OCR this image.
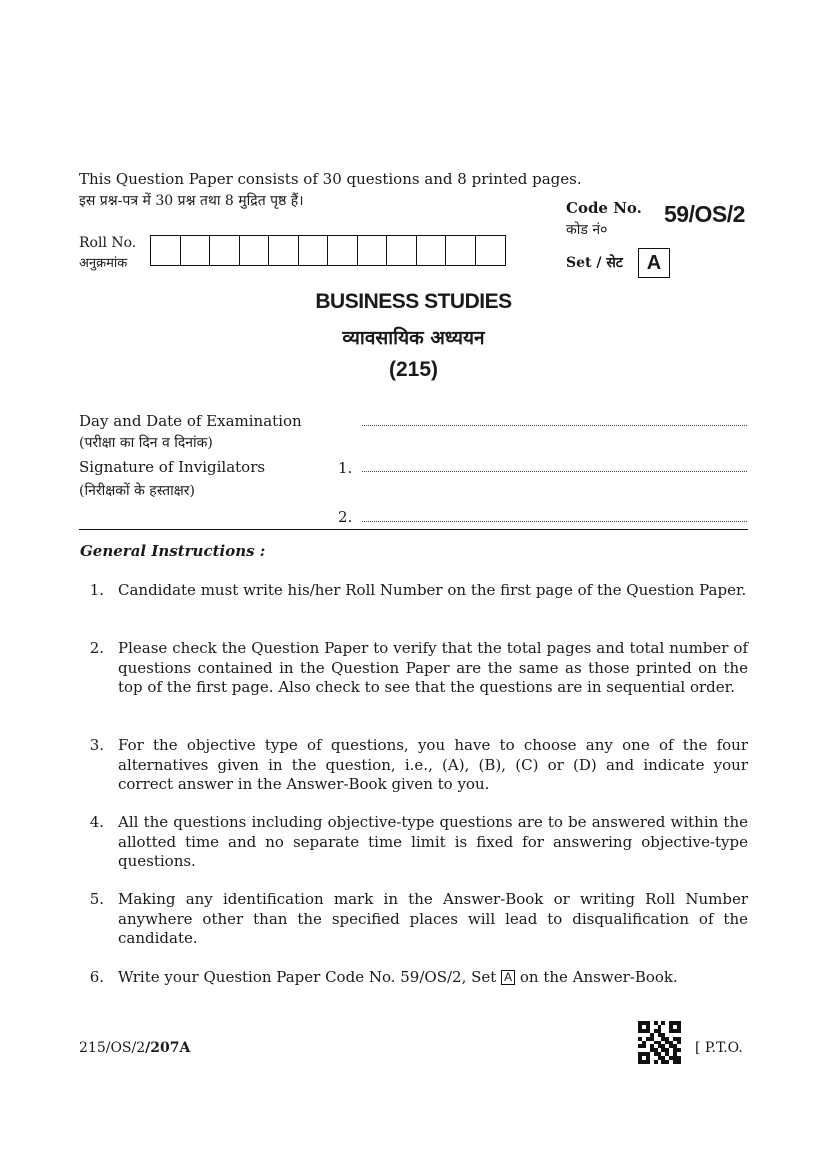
This Question Paper consists of 30 questions and 8 printed pages.
इस प्रश्न-पत्र में 30 प्रश्न तथा 8 मुद्रित पृष्ठ हैं।	Code No.
कोड नं०
59/OS/2
Roll No.
अनुक्रमांक	Set / सेट	A
BUSINESS STUDIES
व्यावसायिक अध्ययन
(215)
Day and Date of Examination
(परीक्षा का दिन व दिनांक)
Signature of Invigilators
(निरीक्षकों के हस्ताक्षर)
1.
2.
General Instructions :
1. Candidate must write his/her Roll Number on the first page of the Question Paper.
2. Please check the Question Paper to verify that the total pages and total number of questions contained in the Question Paper are the same as those printed on the top of the first page. Also check to see that the questions are in sequential order.
3. For the objective type of questions, you have to choose any one of the four alternatives given in the question, i.e., (A), (B), (C) or (D) and indicate your correct answer in the Answer-Book given to you.
4. All the questions including objective-type questions are to be answered within the allotted time and no separate time limit is fixed for answering objective-type questions.
5. Making any identification mark in the Answer-Book or writing Roll Number anywhere other than the specified places will lead to disqualification of the candidate.
6. Write your Question Paper Code No. 59/OS/2, Set A on the Answer-Book.
215/OS/2/207A	[ P.T.O.
